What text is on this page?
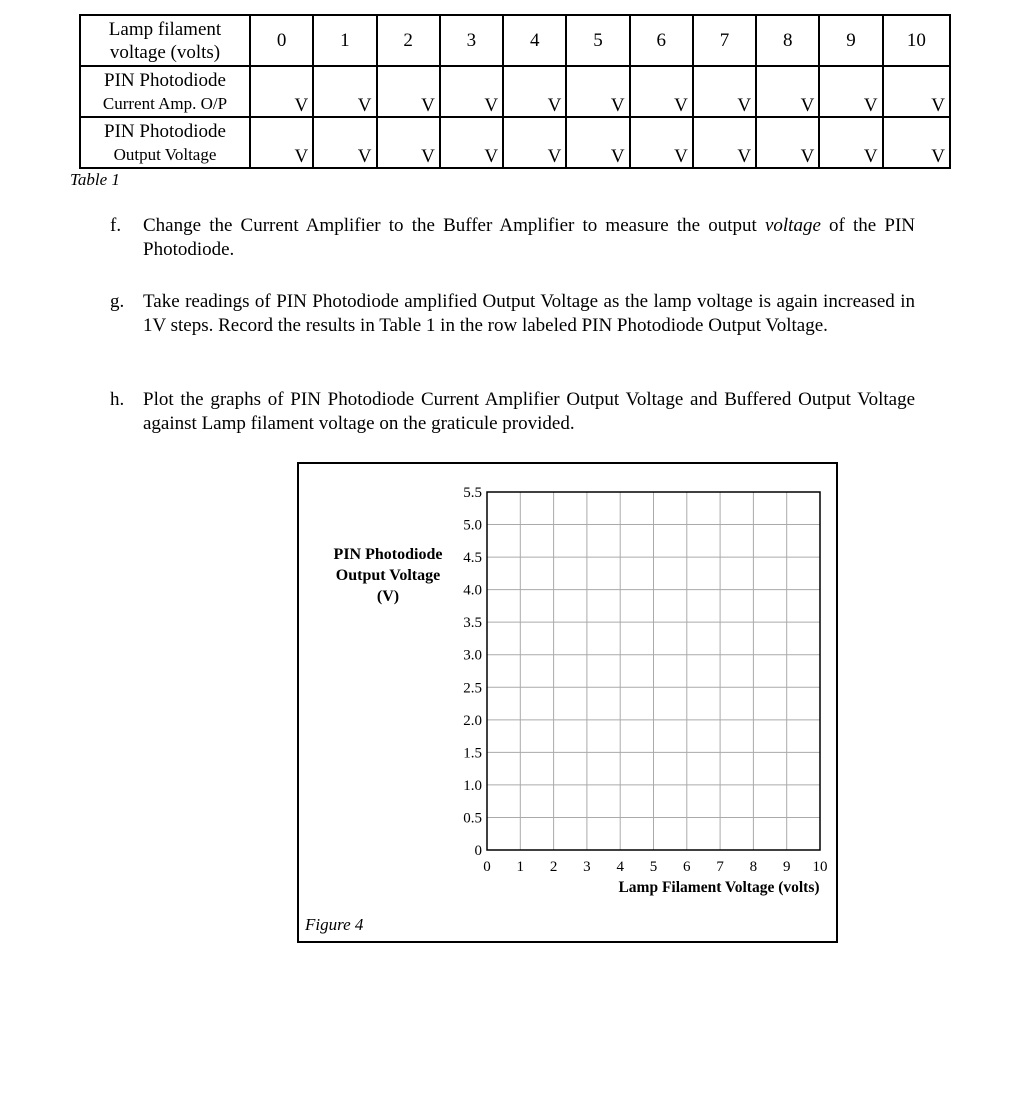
Lamp filament
voltage (volts)	0	1	2	3	4	5	6	7	8	9	10

PIN Photodiode
Current Amp. O/P	V	V	V	V	V	V	V	V	V	V	V

PIN Photodiode
Output Voltage	V	V	V	V	V	V	V	V	V	V	V
Table 1
f. Change the Current Amplifier to the Buffer Amplifier to measure the output voltage of the PIN Photodiode.
g. Take readings of PIN Photodiode amplified Output Voltage as the lamp voltage is again increased in 1V steps. Record the results in Table 1 in the row labeled PIN Photodiode Output Voltage.
h. Plot the graphs of PIN Photodiode Current Amplifier Output Voltage and Buffered Output Voltage against Lamp filament voltage on the graticule provided.
PIN Photodiode
Output Voltage
(V)
0 1 2 3 4 5 6 7 8 9 10
0
0.5
1.0
1.5
2.0
2.5
3.0
3.5
4.0
4.5
5.0
5.5
Lamp Filament Voltage (volts)
Figure 4
